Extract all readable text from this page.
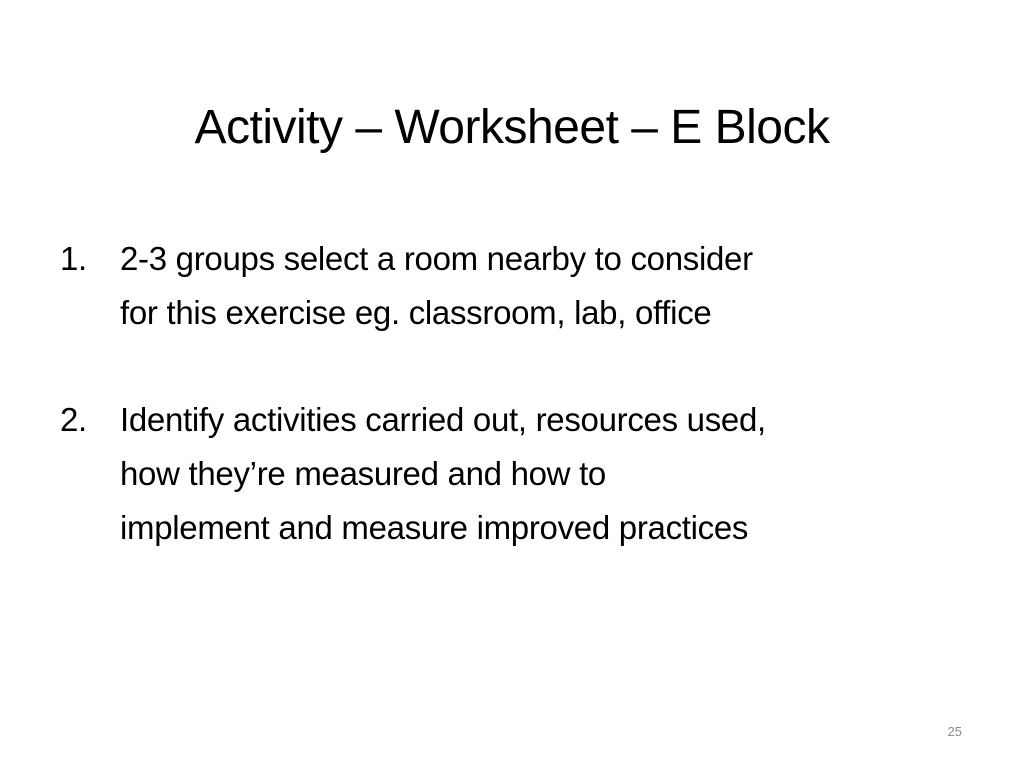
Activity – Worksheet – E Block
1.	2-3 groups select a room nearby to consider
for this exercise eg. classroom, lab, office
2.	Identify activities carried out, resources used,
how they’re measured and how to
implement and measure improved practices
25
